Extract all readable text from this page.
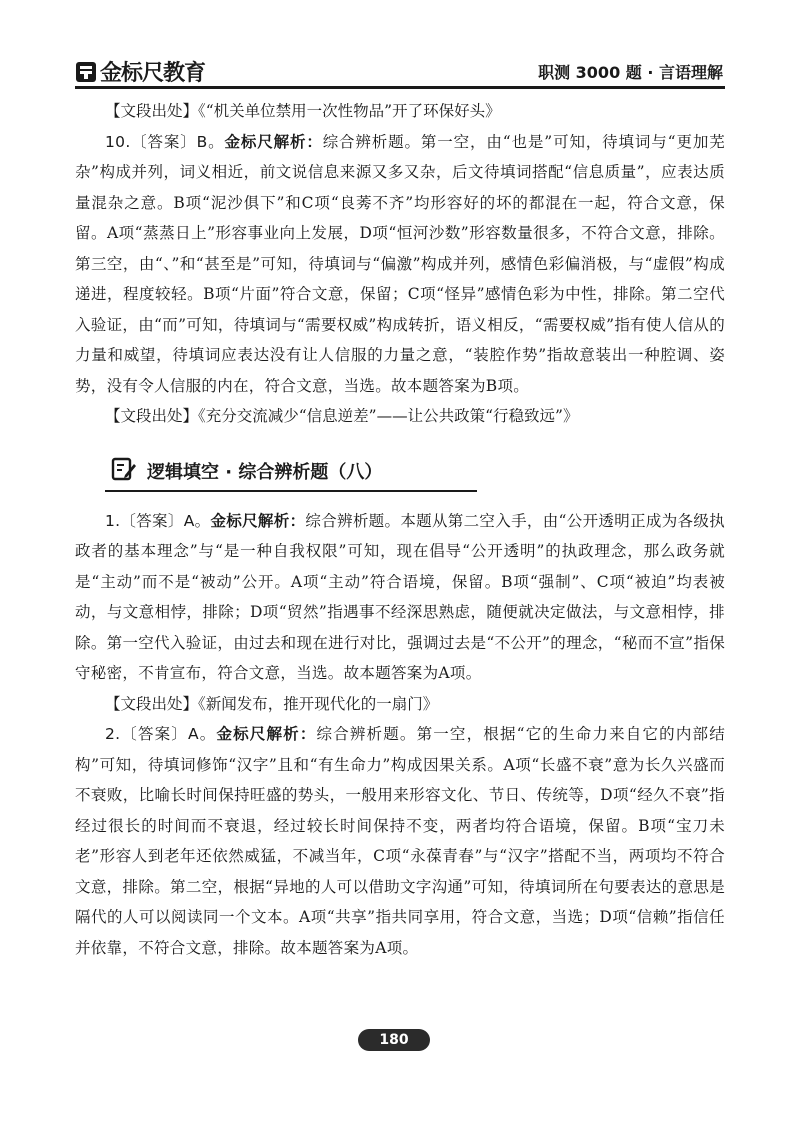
金标尺教育	职测 3000 题 · 言语理解

【文段出处】《“机关单位禁用一次性物品”开了环保好头》

10.〔答案〕B。金标尺解析：综合辨析题。第一空，由“也是”可知，待填词与“更加芜杂”构成并列，词义相近，前文说信息来源又多又杂，后文待填词搭配“信息质量”，应表达质量混杂之意。B项“泥沙俱下”和C项“良莠不齐”均形容好的坏的都混在一起，符合文意，保留。A项“蒸蒸日上”形容事业向上发展，D项“恒河沙数”形容数量很多，不符合文意，排除。第三空，由“、”和“甚至是”可知，待填词与“偏激”构成并列，感情色彩偏消极，与“虚假”构成递进，程度较轻。B项“片面”符合文意，保留；C项“怪异”感情色彩为中性，排除。第二空代入验证，由“而”可知，待填词与“需要权威”构成转折，语义相反，“需要权威”指有使人信从的力量和威望，待填词应表达没有让人信服的力量之意，“装腔作势”指故意装出一种腔调、姿势，没有令人信服的内在，符合文意，当选。故本题答案为B项。

【文段出处】《充分交流减少“信息逆差”——让公共政策“行稳致远”》

逻辑填空 · 综合辨析题（八）

1.〔答案〕A。金标尺解析：综合辨析题。本题从第二空入手，由“公开透明正成为各级执政者的基本理念”与“是一种自我权限”可知，现在倡导“公开透明”的执政理念，那么政务就是“主动”而不是“被动”公开。A项“主动”符合语境，保留。B项“强制”、C项“被迫”均表被动，与文意相悖，排除；D项“贸然”指遇事不经深思熟虑，随便就决定做法，与文意相悖，排除。第一空代入验证，由过去和现在进行对比，强调过去是“不公开”的理念，“秘而不宣”指保守秘密，不肯宣布，符合文意，当选。故本题答案为A项。

【文段出处】《新闻发布，推开现代化的一扇门》

2.〔答案〕A。金标尺解析：综合辨析题。第一空，根据“它的生命力来自它的内部结构”可知，待填词修饰“汉字”且和“有生命力”构成因果关系。A项“长盛不衰”意为长久兴盛而不衰败，比喻长时间保持旺盛的势头，一般用来形容文化、节日、传统等，D项“经久不衰”指经过很长的时间而不衰退，经过较长时间保持不变，两者均符合语境，保留。B项“宝刀未老”形容人到老年还依然威猛，不减当年，C项“永葆青春”与“汉字”搭配不当，两项均不符合文意，排除。第二空，根据“异地的人可以借助文字沟通”可知，待填词所在句要表达的意思是隔代的人可以阅读同一个文本。A项“共享”指共同享用，符合文意，当选；D项“信赖”指信任并依靠，不符合文意，排除。故本题答案为A项。

180
